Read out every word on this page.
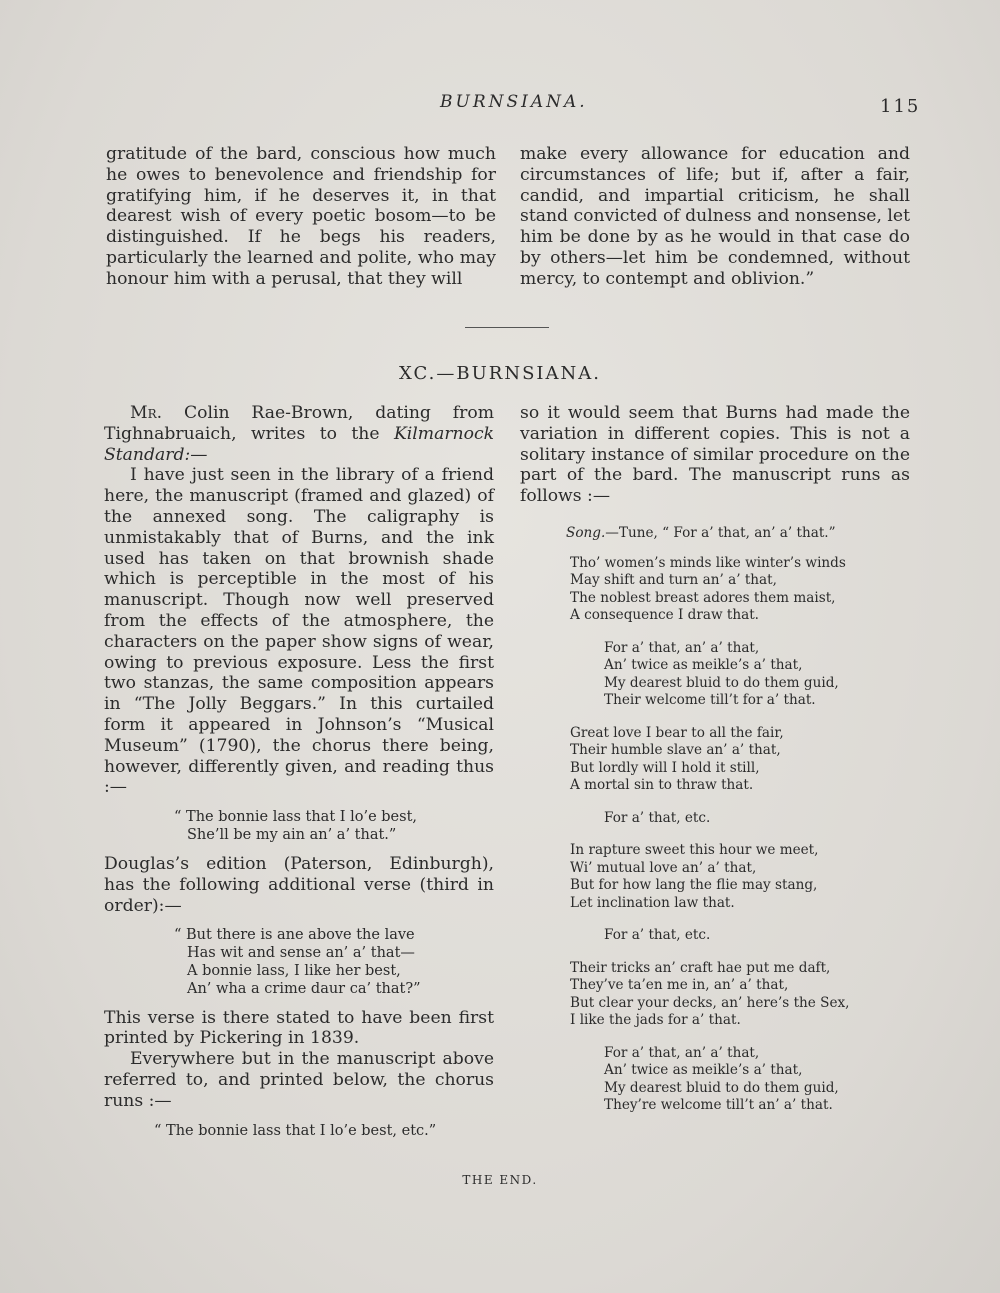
BURNSIANA.	115

gratitude of the bard, conscious how much he owes to benevolence and friendship for gratifying him, if he deserves it, in that dearest wish of every poetic bosom—to be distinguished. If he begs his readers, particularly the learned and polite, who may honour him with a perusal, that they will

make every allowance for education and circumstances of life; but if, after a fair, candid, and impartial criticism, he shall stand convicted of dulness and nonsense, let him be done by as he would in that case do by others—let him be condemned, without mercy, to contempt and oblivion.”

XC.—BURNSIANA.

Mr. Colin Rae-Brown, dating from Tighnabruaich, writes to the Kilmarnock Standard:—

I have just seen in the library of a friend here, the manuscript (framed and glazed) of the annexed song. The caligraphy is unmistakably that of Burns, and the ink used has taken on that brownish shade which is perceptible in the most of his manuscript. Though now well preserved from the effects of the atmosphere, the characters on the paper show signs of wear, owing to previous exposure. Less the first two stanzas, the same composition appears in “The Jolly Beggars.” In this curtailed form it appeared in Johnson’s “Musical Museum” (1790), the chorus there being, however, differently given, and reading thus :—

“ The bonnie lass that I lo’e best,
She’ll be my ain an’ a’ that.”

Douglas’s edition (Paterson, Edinburgh), has the following additional verse (third in order):—

“ But there is ane above the lave
Has wit and sense an’ a’ that—
A bonnie lass, I like her best,
An’ wha a crime daur ca’ that?”

This verse is there stated to have been first printed by Pickering in 1839.

Everywhere but in the manuscript above referred to, and printed below, the chorus runs :—

“ The bonnie lass that I lo’e best, etc.”

so it would seem that Burns had made the variation in different copies. This is not a solitary instance of similar procedure on the part of the bard. The manuscript runs as follows :—

Song.—Tune, “ For a’ that, an’ a’ that.”
Tho’ women’s minds like winter’s winds
May shift and turn an’ a’ that,
The noblest breast adores them maist,
A consequence I draw that.
For a’ that, an’ a’ that,
An’ twice as meikle’s a’ that,
My dearest bluid to do them guid,
Their welcome till’t for a’ that.
Great love I bear to all the fair,
Their humble slave an’ a’ that,
But lordly will I hold it still,
A mortal sin to thraw that.
For a’ that, etc.
In rapture sweet this hour we meet,
Wi’ mutual love an’ a’ that,
But for how lang the flie may stang,
Let inclination law that.
For a’ that, etc.
Their tricks an’ craft hae put me daft,
They’ve ta’en me in, an’ a’ that,
But clear your decks, an’ here’s the Sex,
I like the jads for a’ that.
For a’ that, an’ a’ that,
An’ twice as meikle’s a’ that,
My dearest bluid to do them guid,
They’re welcome till’t an’ a’ that.
THE END.
